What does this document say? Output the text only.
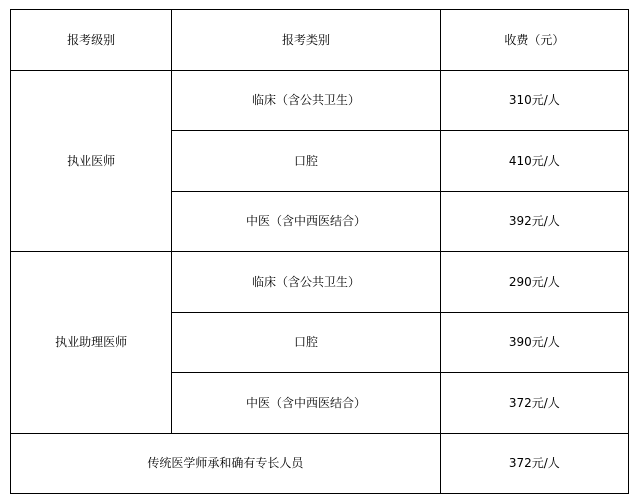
报考级别	报考类别	收费（元）
执业医师	临床（含公共卫生）	310元/人
	口腔	410元/人
	中医（含中西医结合）	392元/人
执业助理医师	临床（含公共卫生）	290元/人
	口腔	390元/人
	中医（含中西医结合）	372元/人
传统医学师承和确有专长人员		372元/人
